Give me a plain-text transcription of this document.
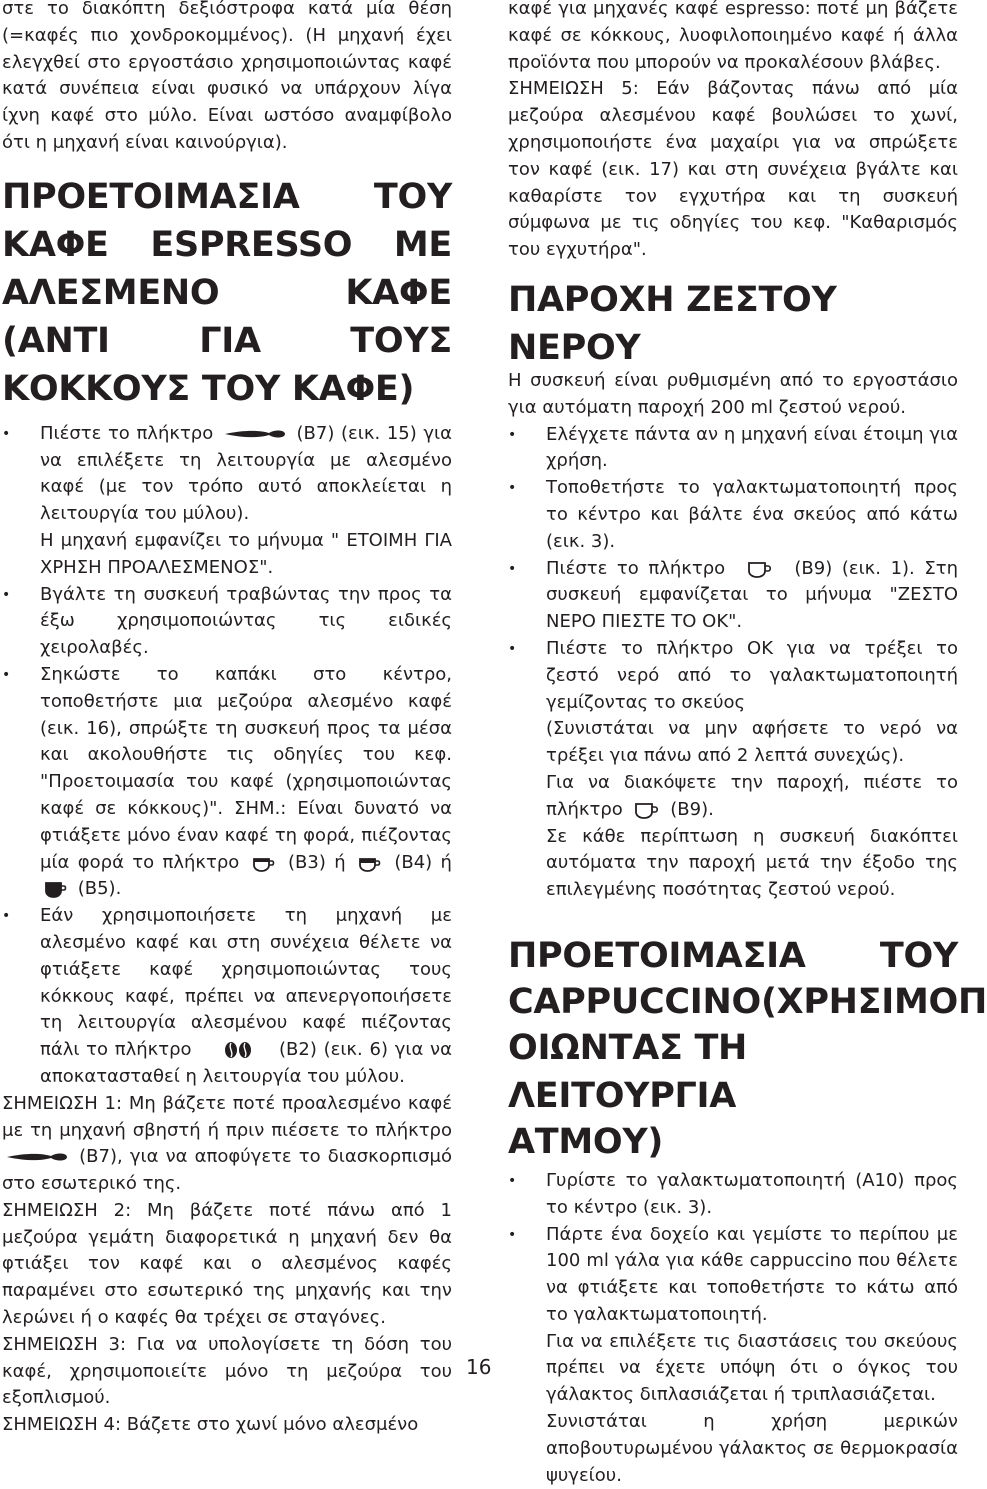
στε το διακόπτη δεξιόστροφα κατά μία θέση (=καφές πιο χονδροκομμένος). (Η μηχανή έχει ελεγχθεί στο εργοστάσιο χρησιμοποιώντας καφέ κατά συνέπεια είναι φυσικό να υπάρχουν λίγα ίχνη καφέ στο μύλο. Είναι ωστόσο αναμφίβολο ότι η μηχανή είναι καινούργια).

ΠΡΟΕΤΟΙΜΑΣΙΑ ΤΟΥ ΚΑΦΕ ESPRESSO ΜΕ ΑΛΕΣΜΕΝΟ ΚΑΦΕ (ΑΝΤΙ ΓΙΑ ΤΟΥΣ ΚΟΚΚΟΥΣ ΤΟΥ ΚΑΦΕ)
• Πιέστε το πλήκτρο	(B7) (εικ. 15) για να επιλέξετε τη λειτουργία με αλεσμένο καφέ (με τον τρόπο αυτό αποκλείεται η λειτουργία του μύλου).
Η μηχανή εμφανίζει το μήνυμα " ΕΤΟΙΜΗ ΓΙΑ ΧΡΗΣΗ ΠΡΟΑΛΕΣΜΕΝΟΣ".
• Βγάλτε τη συσκευή τραβώντας την προς τα έξω χρησιμοποιώντας τις ειδικές χειρολαβές.
• Σηκώστε το καπάκι στο κέντρο, τοποθετήστε μια μεζούρα αλεσμένο καφέ (εικ. 16), σπρώξτε τη συσκευή προς τα μέσα και ακολουθήστε τις οδηγίες του κεφ. "Προετοιμασία του καφέ (χρησιμοποιώντας καφέ σε κόκκους)". ΣΗΜ.: Είναι δυνατό να φτιάξετε μόνο έναν καφέ τη φορά, πιέζοντας μία φορά το πλήκτρο	(B3) ή	(B4) ή  (B5).
• Εάν χρησιμοποιήσετε τη μηχανή με αλεσμένο καφέ και στη συνέχεια θέλετε να φτιάξετε καφέ χρησιμοποιώντας τους κόκκους καφέ, πρέπει να απενεργοποιήσετε τη λειτουργία αλεσμένου καφέ πιέζοντας πάλι το πλήκτρο	(B2) (εικ. 6) για να αποκατασταθεί η λειτουργία του μύλου.

ΣΗΜΕΙΩΣΗ 1: Μη βάζετε ποτέ προαλεσμένο καφέ με τη μηχανή σβηστή ή πριν πιέσετε το πλήκτρο  (B7), για να αποφύγετε το διασκορπισμό στο εσωτερικό της.

ΣΗΜΕΙΩΣΗ 2: Μη βάζετε ποτέ πάνω από 1 μεζούρα γεμάτη διαφορετικά η μηχανή δεν θα φτιάξει τον καφέ και ο αλεσμένος καφές παραμένει στο εσωτερικό της μηχανής και την λερώνει ή ο καφές θα τρέχει σε σταγόνες.

ΣΗΜΕΙΩΣΗ 3: Για να υπολογίσετε τη δόση του καφέ, χρησιμοποιείτε μόνο τη μεζούρα του εξοπλισμού.

ΣΗΜΕΙΩΣΗ 4: Βάζετε στο χωνί μόνο αλεσμένο

καφέ για μηχανές καφέ espresso: ποτέ μη βάζετε καφέ σε κόκκους, λυοφιλοποιημένο καφέ ή άλλα προϊόντα που μπορούν να προκαλέσουν βλάβες.

ΣΗΜΕΙΩΣΗ 5: Εάν βάζοντας πάνω από μία μεζούρα αλεσμένου καφέ βουλώσει το χωνί, χρησιμοποιήστε ένα μαχαίρι για να σπρώξετε τον καφέ (εικ. 17) και στη συνέχεια βγάλτε και καθαρίστε τον εγχυτήρα και τη συσκευή σύμφωνα με τις οδηγίες του κεφ. "Καθαρισμός του εγχυτήρα".

ΠΑΡΟΧΗ ΖΕΣΤΟΥ ΝΕΡΟΥ

Η συσκευή είναι ρυθμισμένη από το εργοστάσιο για αυτόματη παροχή 200 ml ζεστού νερού.

• Ελέγχετε πάντα αν η μηχανή είναι έτοιμη για χρήση.
• Τοποθετήστε το γαλακτωματοποιητή προς το κέντρο και βάλτε ένα σκεύος από κάτω (εικ. 3).
• Πιέστε το πλήκτρο	(B9) (εικ. 1). Στη συσκευή εμφανίζεται το μήνυμα "ΖΕΣΤΟ ΝΕΡΟ ΠΙΕΣΤΕ ΤΟ ΟΚ".
• Πιέστε το πλήκτρο ΟΚ για να τρέξει το ζεστό νερό από το γαλακτωματοποιητή γεμίζοντας το σκεύος
(Συνιστάται να μην αφήσετε το νερό να τρέξει για πάνω από 2 λεπτά συνεχώς).
Για να διακόψετε την παροχή, πιέστε το πλήκτρο	(B9).
Σε κάθε περίπτωση η συσκευή διακόπτει αυτόματα την παροχή μετά την έξοδο της επιλεγμένης ποσότητας ζεστού νερού.
ΠΡΟΕΤΟΙΜΑΣΙΑ ΤΟΥ
CAPPUCCINO(ΧΡΗΣΙΜΟΠ
ΟΙΩΝΤΑΣ ΤΗ ΛΕΙΤΟΥΡΓΙΑ
ΑΤΜΟΥ)
• Γυρίστε το γαλακτωματοποιητή (A10) προς το κέντρο (εικ. 3).
• Πάρτε ένα δοχείο και γεμίστε το περίπου με 100 ml γάλα για κάθε cappuccino που θέλετε να φτιάξετε και τοποθετήστε το κάτω από το γαλακτωματοποιητή.
Για να επιλέξετε τις διαστάσεις του σκεύους πρέπει να έχετε υπόψη ότι ο όγκος του γάλακτος διπλασιάζεται ή τριπλασιάζεται.
Συνιστάται η χρήση μερικών αποβουτυρωμένου γάλακτος σε θερμοκρασία ψυγείου.
16
